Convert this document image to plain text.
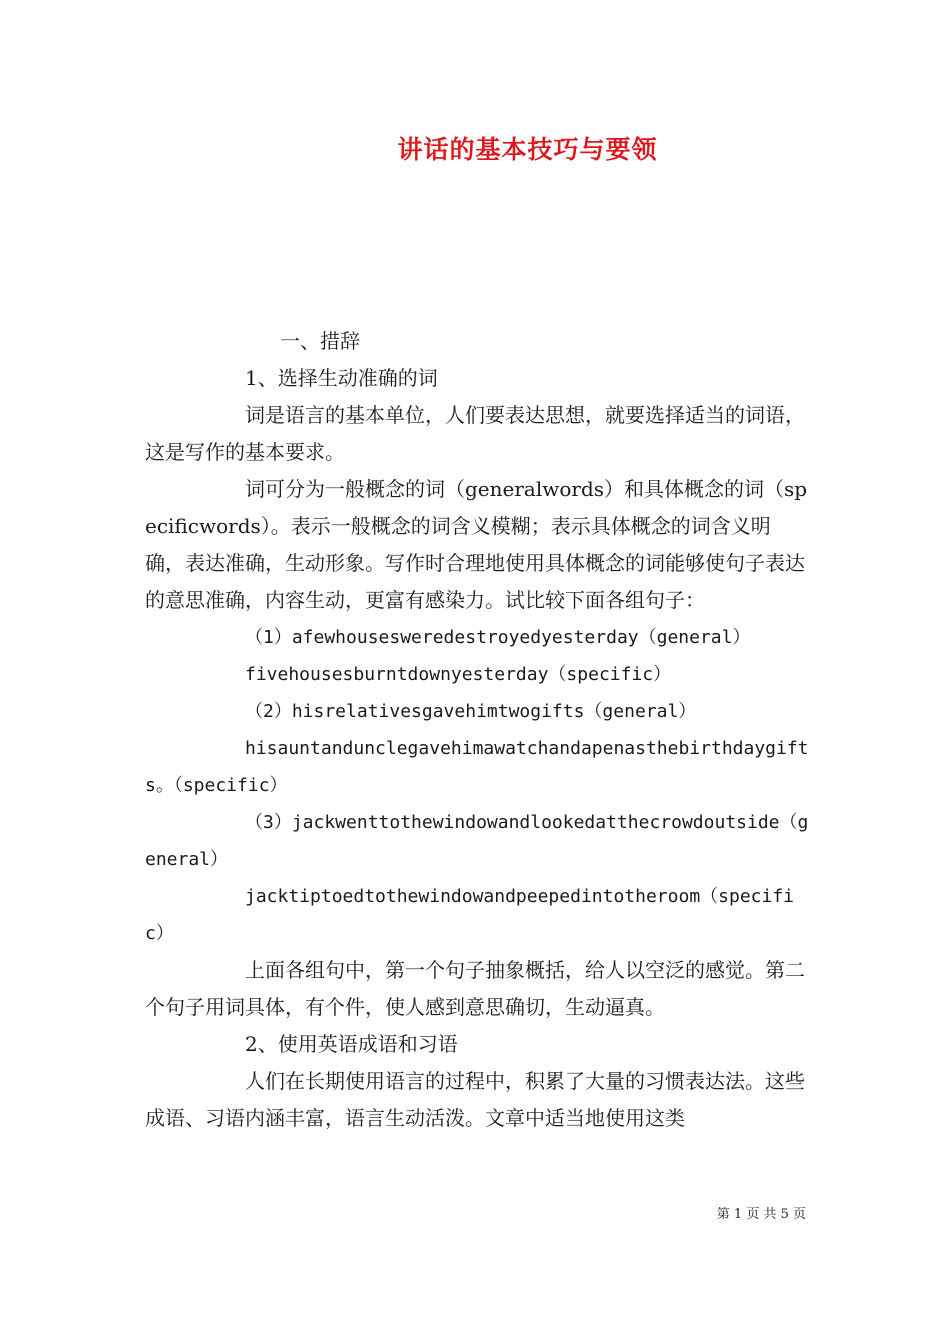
讲话的基本技巧与要领

一、措辞

1、选择生动准确的词

词是语言的基本单位，人们要表达思想，就要选择适当的词语，这是写作的基本要求。

词可分为一般概念的词（generalwords）和具体概念的词（specificwords）。表示一般概念的词含义模糊；表示具体概念的词含义明确，表达准确，生动形象。写作时合理地使用具体概念的词能够使句子表达的意思准确，内容生动，更富有感染力。试比较下面各组句子：

（1）afewhousesweredestroyedyesterday（general）

fivehousesburntdownyesterday（specific）

（2）hisrelativesgavehimtwogifts（general）

hisauntandunclegavehimawatchandapenasthebirthdaygifts。（specific）

（3）jackwenttothewindowandlookedatthecrowdoutside（general）

jacktiptoedtothewindowandpeepedintotheroom（specific）

上面各组句中，第一个句子抽象概括，给人以空泛的感觉。第二个句子用词具体，有个件，使人感到意思确切，生动逼真。

2、使用英语成语和习语

人们在长期使用语言的过程中，积累了大量的习惯表达法。这些成语、习语内涵丰富，语言生动活泼。文章中适当地使用这类

第 1 页 共 5 页
